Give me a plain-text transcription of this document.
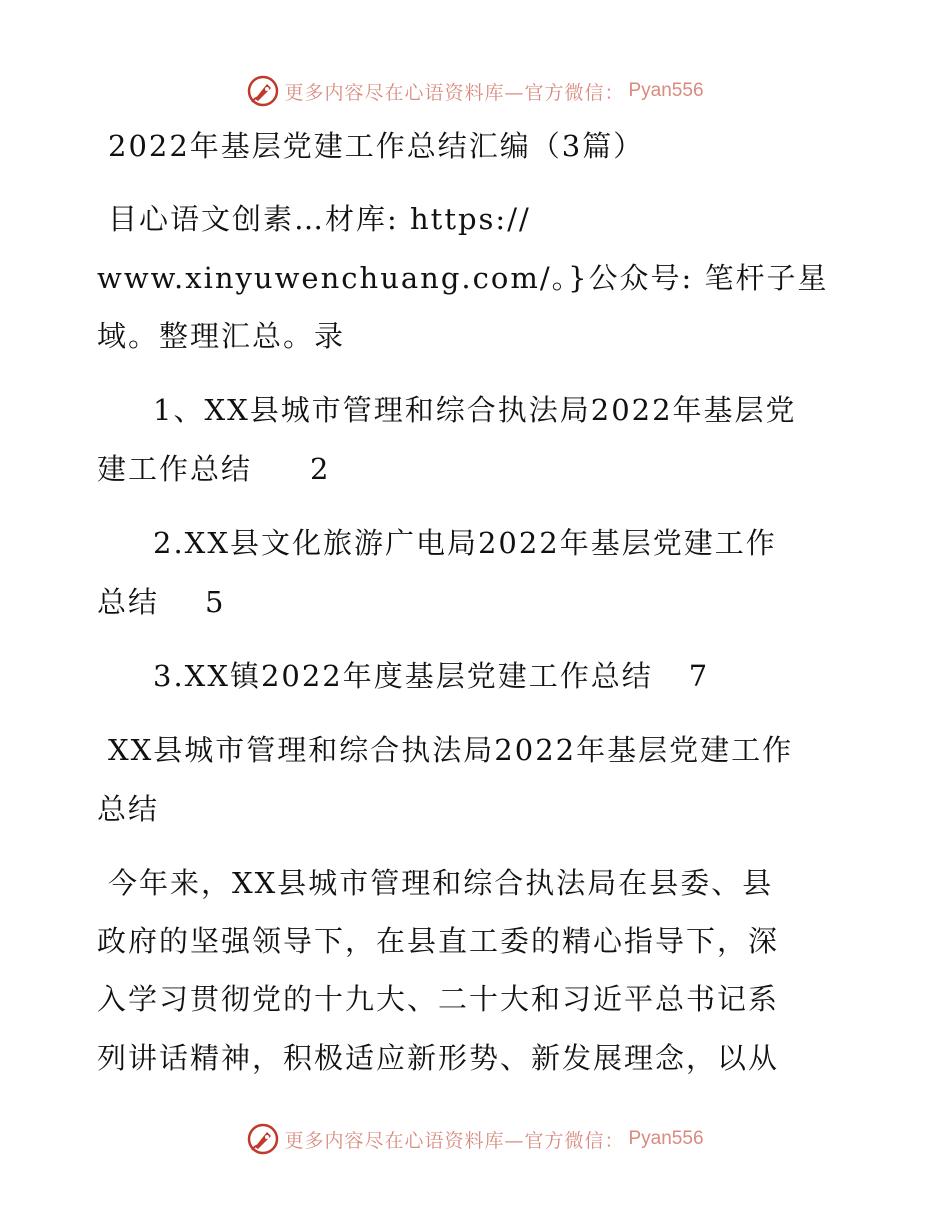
更多内容尽在心语资料库—官方微信： Pyan556
2022年基层党建工作总结汇编（3篇）
目心语文创素…材库: https://
www.xinyuwenchuang.com/。}公众号: 笔杆子星
域。整理汇总。录
1、XX县城市管理和综合执法局2022年基层党
建工作总结 2
2.XX县文化旅游广电局2022年基层党建工作
总结 5
3.XX镇2022年度基层党建工作总结 7
XX县城市管理和综合执法局2022年基层党建工作
总结
今年来，XX县城市管理和综合执法局在县委、县
政府的坚强领导下，在县直工委的精心指导下，深
入学习贯彻党的十九大、二十大和习近平总书记系
列讲话精神，积极适应新形势、新发展理念，以从
更多内容尽在心语资料库—官方微信： Pyan556
